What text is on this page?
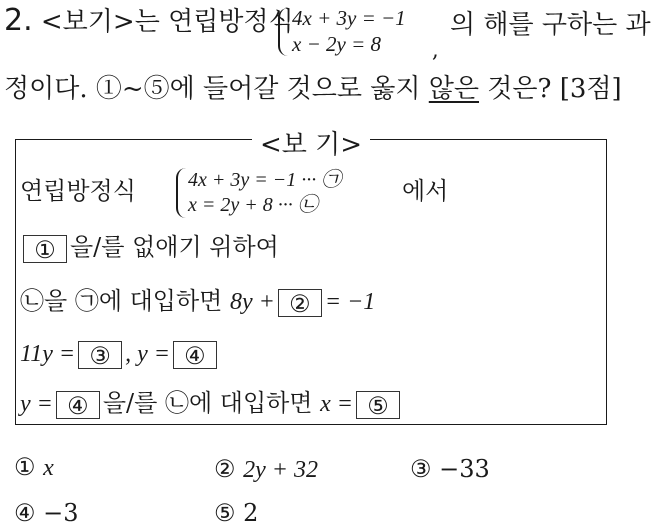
2. <보기>는 연립방정식
4x + 3y = −1
x − 2y = 8 ,
의 해를 구하는 과
정이다. ①~⑤에 들어갈 것으로 옳지 않은 것은? [3점]
<보 기>
연립방정식	4x + 3y = −1 ··· ㉠
x = 2y + 8 ··· ㉡	에서
① 을/를 없애기 위하여
㉡을 ㉠에 대입하면 8y + ② = −1
11y = ③ , y = ④
y = ④ 을/를 ㉡에 대입하면 x = ⑤
① x	② 2y + 32	③ −33
④ −3	⑤ 2
